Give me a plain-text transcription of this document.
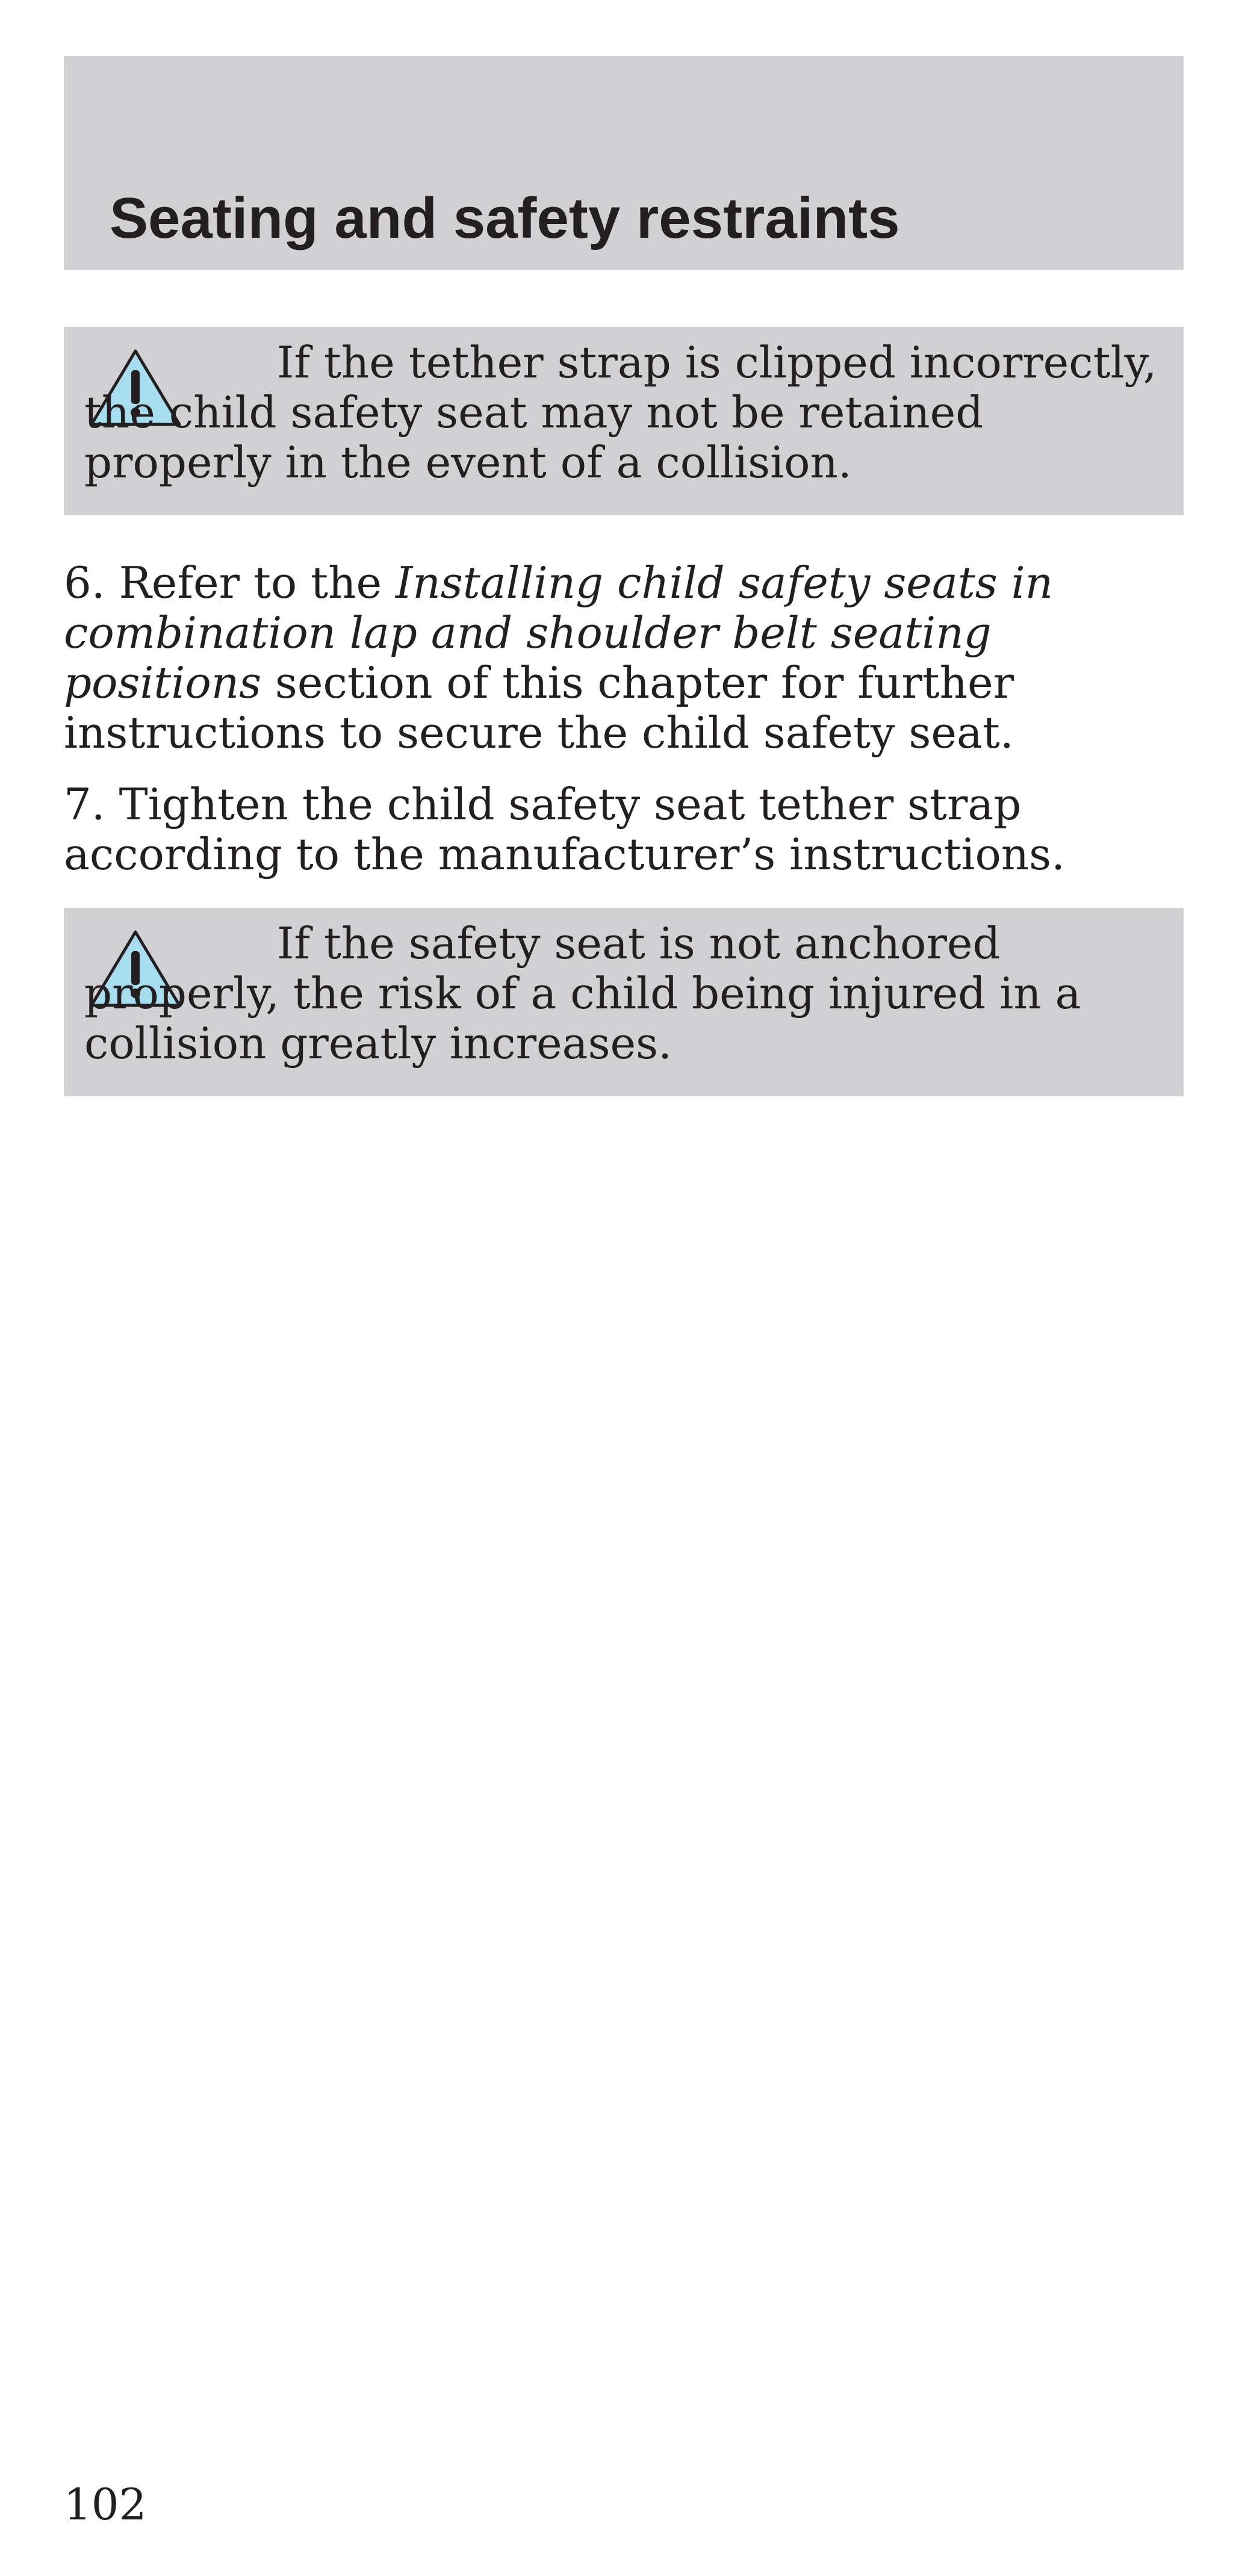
Seating and safety restraints

If the tether strap is clipped incorrectly, the child safety seat may not be retained properly in the event of a collision.

6. Refer to the Installing child safety seats in combination lap and shoulder belt seating positions section of this chapter for further instructions to secure the child safety seat.

7. Tighten the child safety seat tether strap according to the manufacturer’s instructions.

If the safety seat is not anchored properly, the risk of a child being injured in a collision greatly increases.

102
